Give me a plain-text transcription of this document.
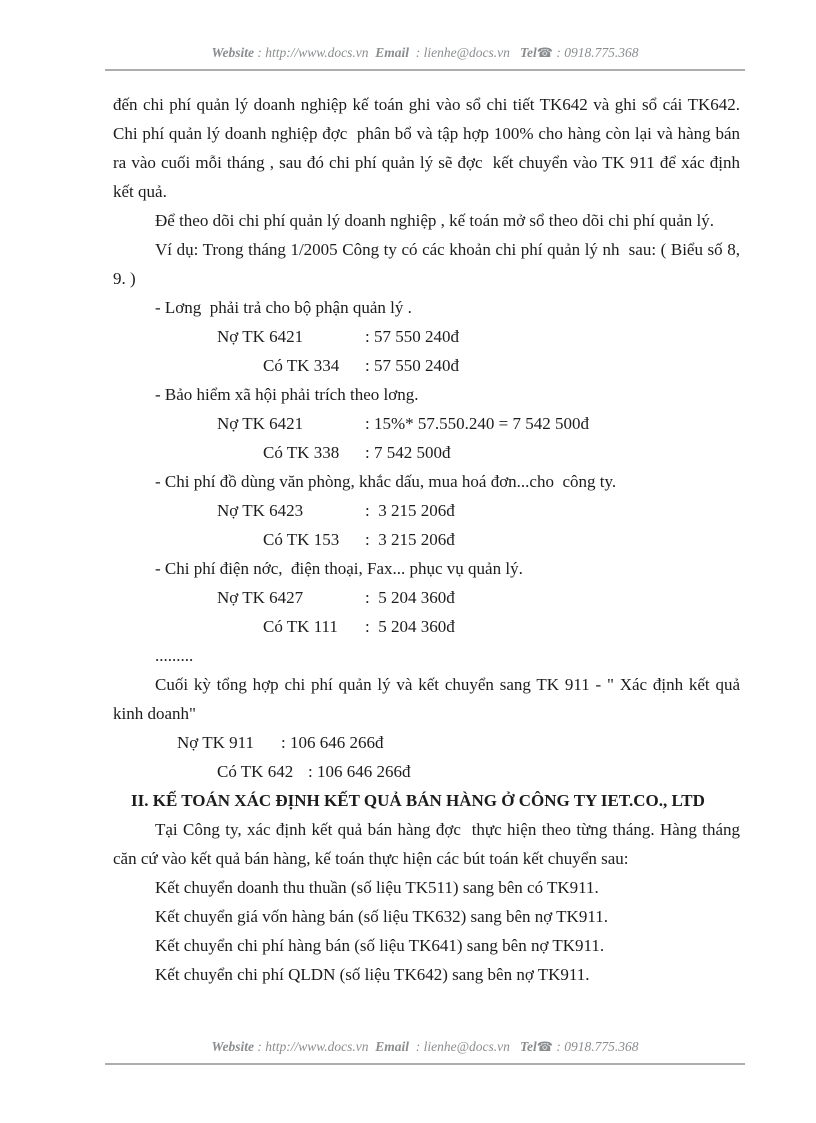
Website : http://www.docs.vn  Email  : lienhe@docs.vn   Tel☎ : 0918.775.368

đến chi phí quản lý doanh nghiệp kế toán ghi vào sổ chi tiết TK642 và ghi sổ cái TK642. Chi phí quản lý doanh nghiệp đợc  phân bổ và tập hợp 100% cho hàng còn lại và hàng bán ra vào cuối mỗi tháng , sau đó chi phí quản lý sẽ đợc  kết chuyển vào TK 911 để xác định kết quả.

Để theo dõi chi phí quản lý doanh nghiệp , kế toán mở sổ theo dõi chi phí quản lý.

Ví dụ: Trong tháng 1/2005 Công ty có các khoản chi phí quản lý nh  sau: ( Biểu số 8, 9. )

- Lơng  phải trả cho bộ phận quản lý .
Nợ TK 6421	: 57 550 240đ
Có TK 334 : 57 550 240đ
- Bảo hiểm xã hội phải trích theo lơng.
Nợ TK 6421	: 15%* 57.550.240 = 7 542 500đ
Có TK 338 : 7 542 500đ
- Chi phí đồ dùng văn phòng, khắc dấu, mua hoá đơn...cho  công ty.
Nợ TK 6423	:  3 215 206đ
Có TK 153 :  3 215 206đ
- Chi phí điện nớc,  điện thoại, Fax... phục vụ quản lý.
Nợ TK 6427	:  5 204 360đ
Có TK 111 :  5 204 360đ
.........

Cuối kỳ tổng hợp chi phí quản lý và kết chuyển sang TK 911 - " Xác định kết quả kinh doanh"

Nợ TK 911 : 106 646 266đ
Có TK 642 : 106 646 266đ
II. KẾ TOÁN XÁC ĐỊNH KẾT QUẢ BÁN HÀNG Ở CÔNG TY IET.CO., LTD

Tại Công ty, xác định kết quả bán hàng đợc  thực hiện theo từng tháng. Hàng tháng căn cứ vào kết quả bán hàng, kế toán thực hiện các bút toán kết chuyển sau:

Kết chuyển doanh thu thuần (số liệu TK511) sang bên có TK911.
Kết chuyển giá vốn hàng bán (số liệu TK632) sang bên nợ TK911.
Kết chuyển chi phí hàng bán (số liệu TK641) sang bên nợ TK911.
Kết chuyển chi phí QLDN (số liệu TK642) sang bên nợ TK911.
Website : http://www.docs.vn  Email  : lienhe@docs.vn   Tel☎ : 0918.775.368
